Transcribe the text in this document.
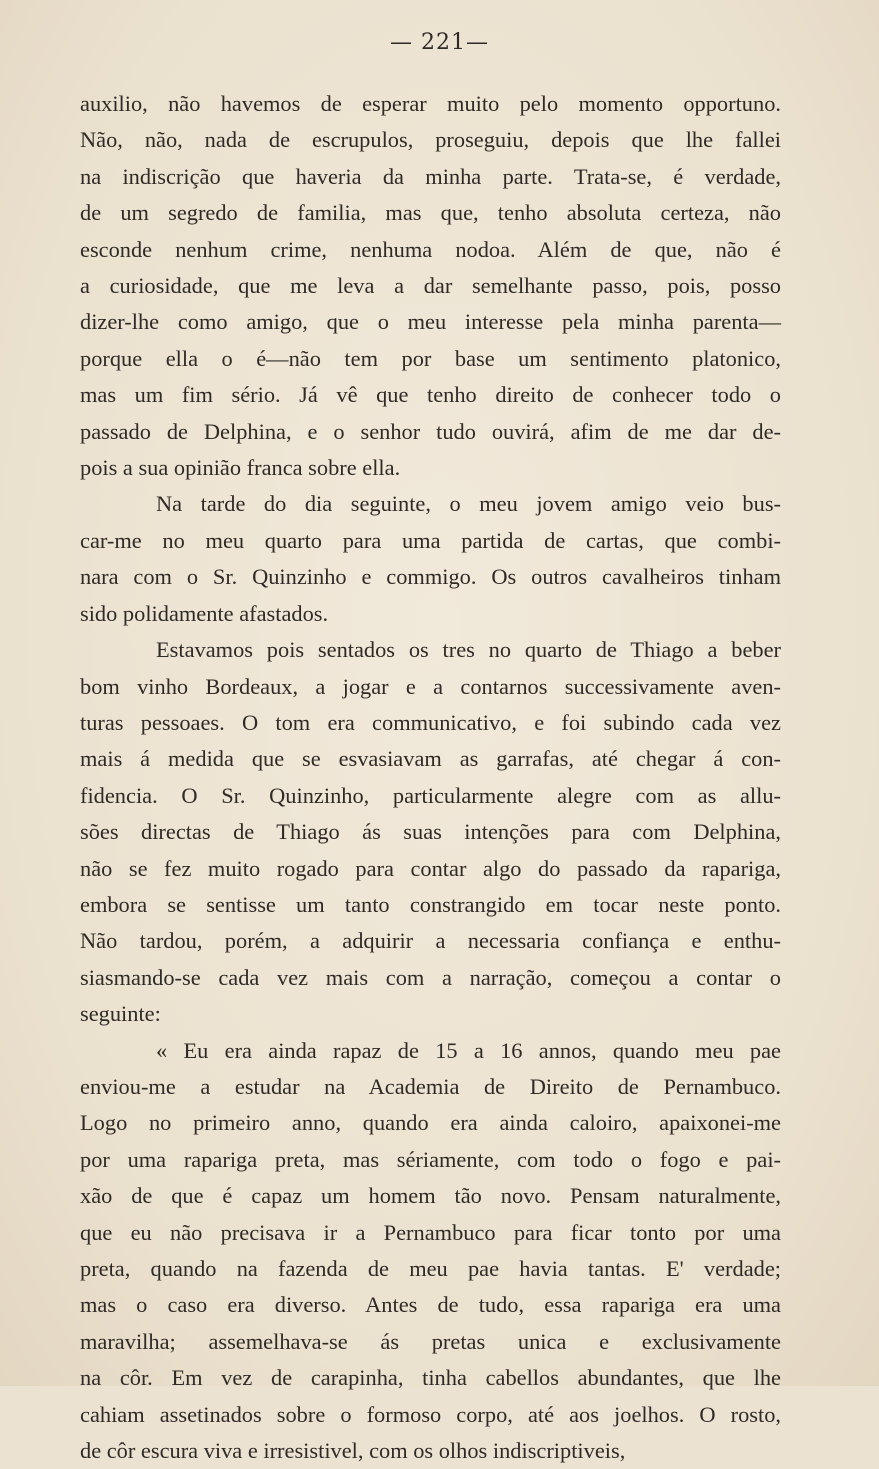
— 221—

auxilio, não havemos de esperar muito pelo momento opportuno.

Não, não, nada de escrupulos, proseguiu, depois que lhe fallei

na indiscrição que haveria da minha parte. Trata-se, é verdade,

de um segredo de familia, mas que, tenho absoluta certeza, não

esconde nenhum crime, nenhuma nodoa. Além de que, não é

a curiosidade, que me leva a dar semelhante passo, pois, posso

dizer-lhe como amigo, que o meu interesse pela minha parenta—

porque ella o é—não tem por base um sentimento platonico,

mas um fim sério. Já vê que tenho direito de conhecer todo o

passado de Delphina, e o senhor tudo ouvirá, afim de me dar de-

pois a sua opinião franca sobre ella.

Na tarde do dia seguinte, o meu jovem amigo veio bus-

car-me no meu quarto para uma partida de cartas, que combi-

nara com o Sr. Quinzinho e commigo. Os outros cavalheiros tinham

sido polidamente afastados.

Estavamos pois sentados os tres no quarto de Thiago a beber

bom vinho Bordeaux, a jogar e a contarnos successivamente aven-

turas pessoaes. O tom era communicativo, e foi subindo cada vez

mais á medida que se esvasiavam as garrafas, até chegar á con-

fidencia. O Sr. Quinzinho, particularmente alegre com as allu-

sões directas de Thiago ás suas intenções para com Delphina,

não se fez muito rogado para contar algo do passado da rapariga,

embora se sentisse um tanto constrangido em tocar neste ponto.

Não tardou, porém, a adquirir a necessaria confiança e enthu-

siasmando-se cada vez mais com a narração, começou a contar o

seguinte:

« Eu era ainda rapaz de 15 a 16 annos, quando meu pae

enviou-me a estudar na Academia de Direito de Pernambuco.

Logo no primeiro anno, quando era ainda caloiro, apaixonei-me

por uma rapariga preta, mas sériamente, com todo o fogo e pai-

xão de que é capaz um homem tão novo. Pensam naturalmente,

que eu não precisava ir a Pernambuco para ficar tonto por uma

preta, quando na fazenda de meu pae havia tantas. E' verdade;

mas o caso era diverso. Antes de tudo, essa rapariga era uma

maravilha; assemelhava-se ás pretas unica e exclusivamente

na côr. Em vez de carapinha, tinha cabellos abundantes, que lhe

cahiam assetinados sobre o formoso corpo, até aos joelhos. O rosto,

de côr escura viva e irresistivel, com os olhos indiscriptiveis,
